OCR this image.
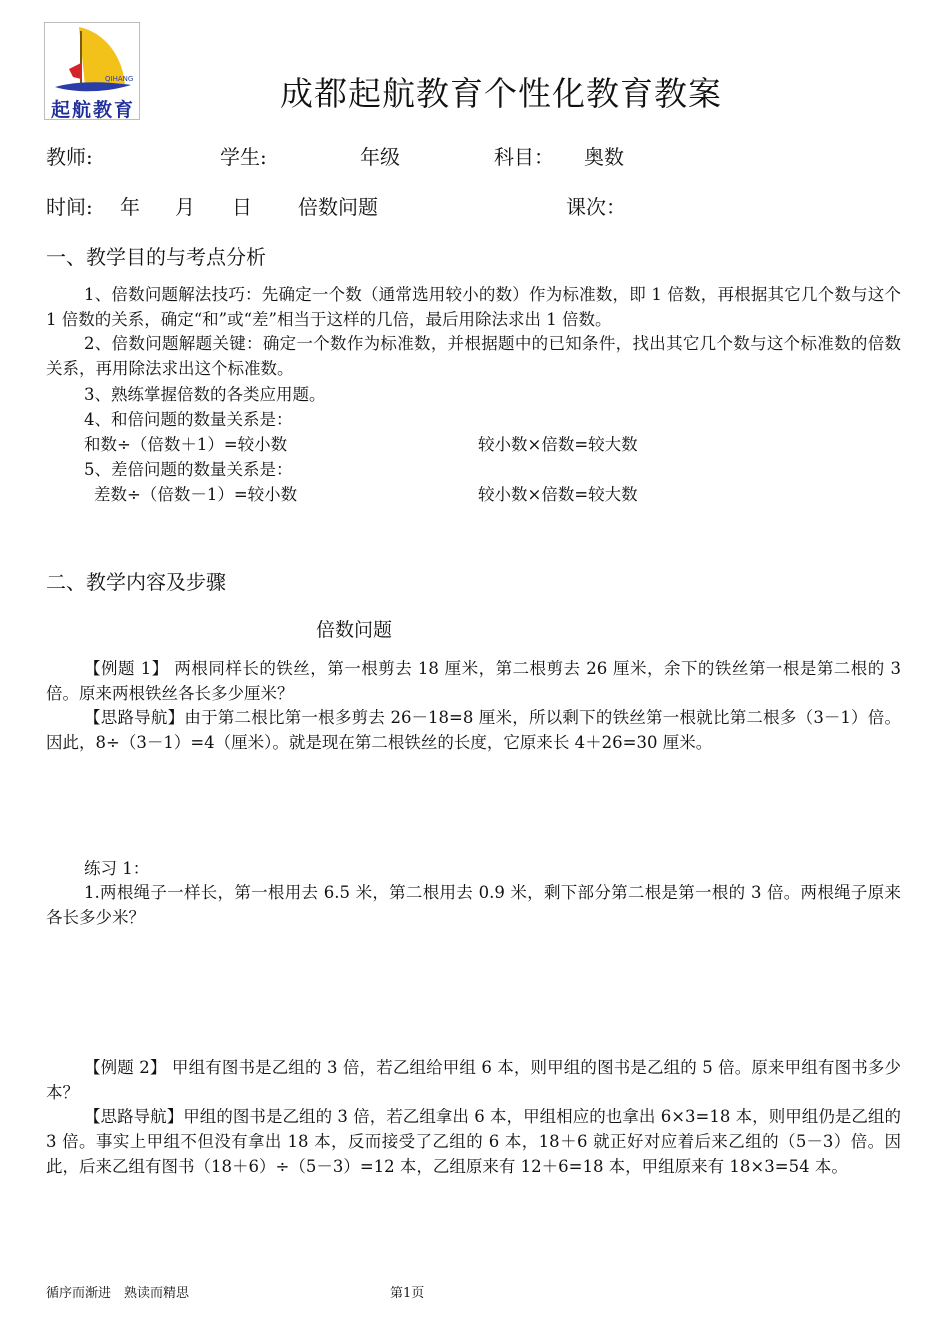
QIHANG
起航教育	成都起航教育个性化教育教案
教师:	学生:	年级	科目： 奥数
时间: 年 月 日 倍数问题	课次：
一、教学目的与考点分析
1、倍数问题解法技巧：先确定一个数（通常选用较小的数）作为标准数，即 1 倍数，再根据其它几个数与这个 1 倍数的关系，确定“和”或“差”相当于这样的几倍，最后用除法求出 1 倍数。
2、倍数问题解题关键：确定一个数作为标准数，并根据题中的已知条件，找出其它几个数与这个标准数的倍数关系，再用除法求出这个标准数。
3、熟练掌握倍数的各类应用题。
4、和倍问题的数量关系是：
和数÷（倍数＋1）=较小数	较小数×倍数=较大数
5、差倍问题的数量关系是：
差数÷（倍数－1）=较小数	较小数×倍数=较大数
二、教学内容及步骤
倍数问题
【例题 1】 两根同样长的铁丝，第一根剪去 18 厘米，第二根剪去 26 厘米，余下的铁丝第一根是第二根的 3 倍。原来两根铁丝各长多少厘米？
【思路导航】由于第二根比第一根多剪去 26－18=8 厘米，所以剩下的铁丝第一根就比第二根多（3－1）倍。因此，8÷（3－1）=4（厘米）。就是现在第二根铁丝的长度，它原来长 4＋26=30 厘米。
练习 1：
1.两根绳子一样长，第一根用去 6.5 米，第二根用去 0.9 米，剩下部分第二根是第一根的 3 倍。两根绳子原来各长多少米？
【例题 2】 甲组有图书是乙组的 3 倍，若乙组给甲组 6 本，则甲组的图书是乙组的 5 倍。原来甲组有图书多少本？
【思路导航】甲组的图书是乙组的 3 倍，若乙组拿出 6 本，甲组相应的也拿出 6×3=18 本，则甲组仍是乙组的 3 倍。事实上甲组不但没有拿出 18 本，反而接受了乙组的 6 本，18＋6 就正好对应着后来乙组的（5－3）倍。因此，后来乙组有图书（18＋6）÷（5－3）=12 本，乙组原来有 12＋6=18 本，甲组原来有 18×3=54 本。
循序而渐进　熟读而精思	第1页
